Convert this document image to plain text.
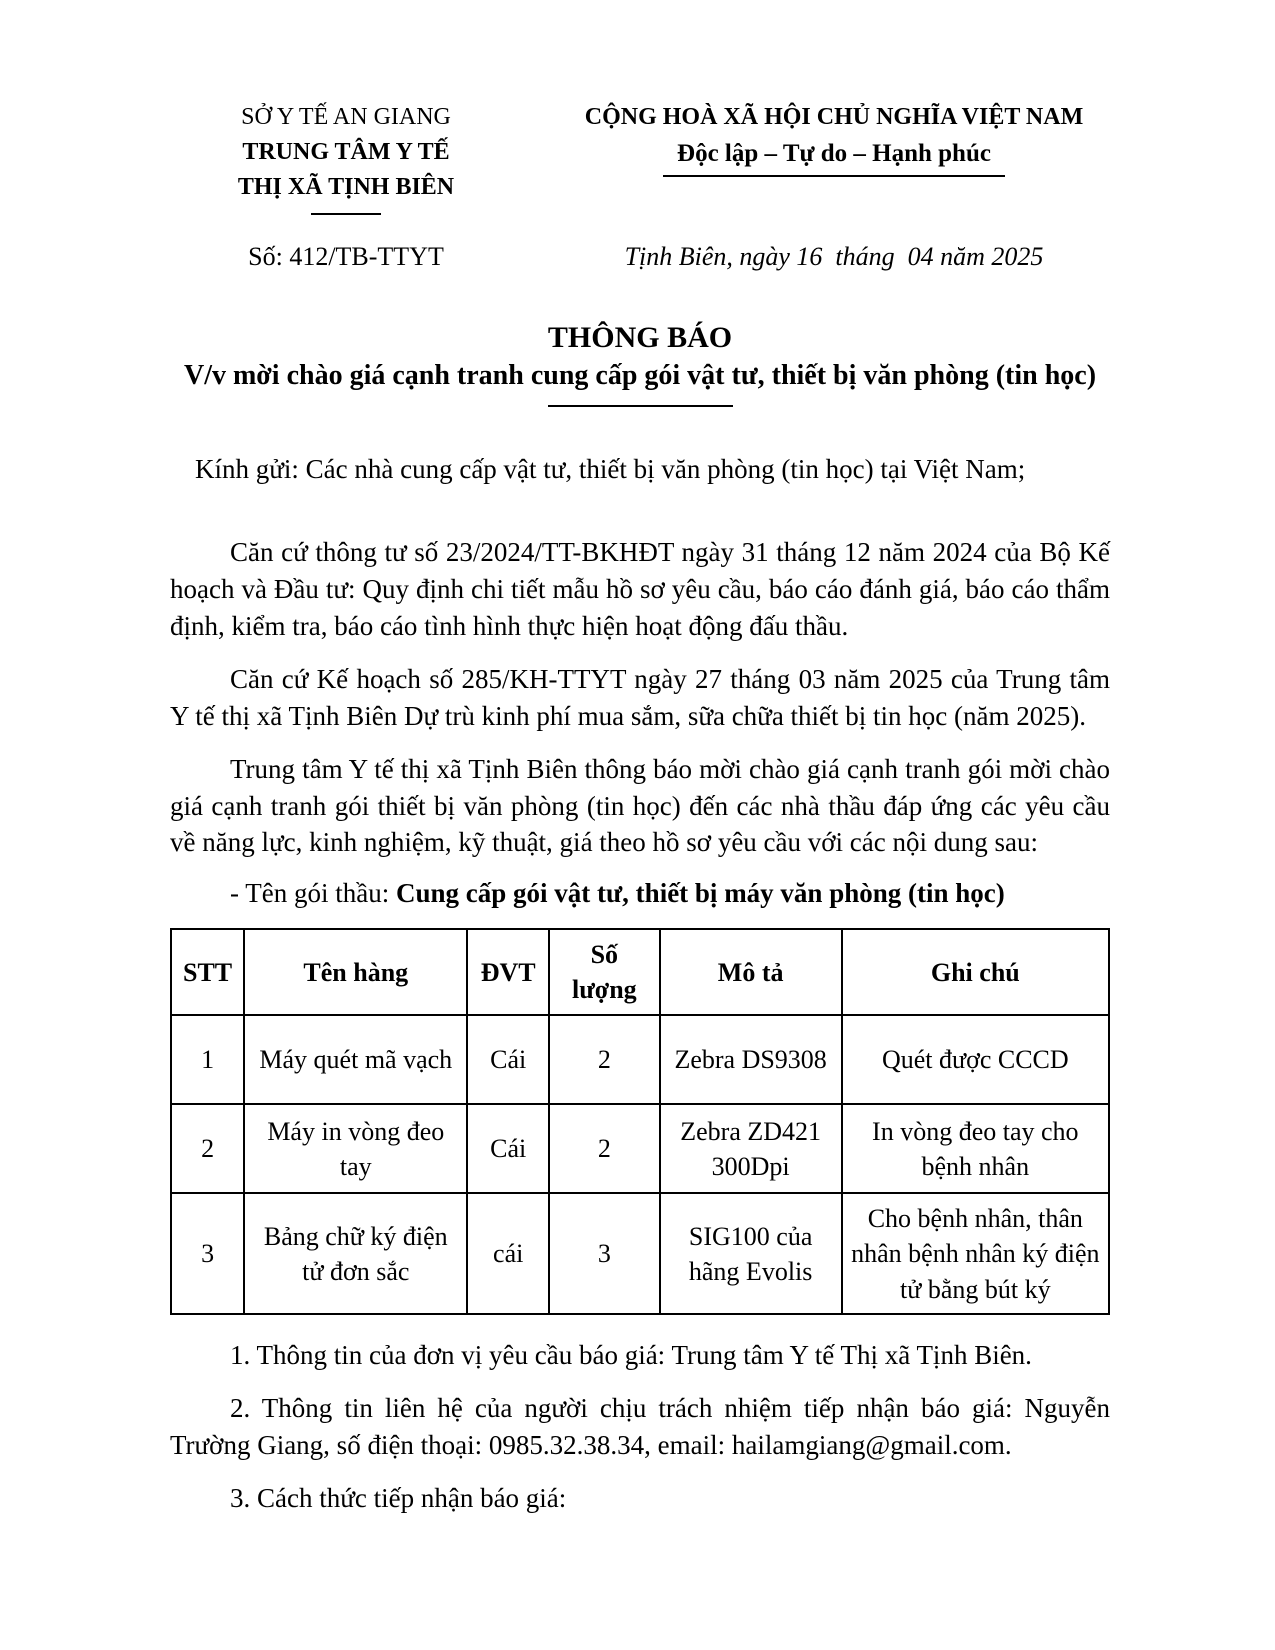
SỞ Y TẾ AN GIANG
TRUNG TÂM Y TẾ
THỊ XÃ TỊNH BIÊN
CỘNG HOÀ XÃ HỘI CHỦ NGHĨA VIỆT NAM
Độc lập – Tự do – Hạnh phúc
Số: 412/TB-TTYT	Tịnh Biên, ngày 16  tháng  04 năm 2025
THÔNG BÁO
V/v mời chào giá cạnh tranh cung cấp gói vật tư, thiết bị văn phòng (tin học)
Kính gửi: Các nhà cung cấp vật tư, thiết bị văn phòng (tin học) tại Việt Nam;
Căn cứ thông tư số 23/2024/TT-BKHĐT ngày 31 tháng 12 năm 2024 của Bộ Kế hoạch và Đầu tư: Quy định chi tiết mẫu hồ sơ yêu cầu, báo cáo đánh giá, báo cáo thẩm định, kiểm tra, báo cáo tình hình thực hiện hoạt động đấu thầu.
Căn cứ Kế hoạch số 285/KH-TTYT ngày 27 tháng 03 năm 2025 của Trung tâm Y tế thị xã Tịnh Biên Dự trù kinh phí mua sắm, sữa chữa thiết bị tin học (năm 2025).
Trung tâm Y tế thị xã Tịnh Biên thông báo mời chào giá cạnh tranh gói mời chào giá cạnh tranh gói thiết bị văn phòng (tin học) đến các nhà thầu đáp ứng các yêu cầu về năng lực, kinh nghiệm, kỹ thuật, giá theo hồ sơ yêu cầu với các nội dung sau:
- Tên gói thầu: Cung cấp gói vật tư, thiết bị máy văn phòng (tin học)
STT	Tên hàng	ĐVT	Số lượng	Mô tả	Ghi chú
1	Máy quét mã vạch	Cái	2	Zebra DS9308	Quét được CCCD
2	Máy in vòng đeo tay	Cái	2	Zebra ZD421 300Dpi	In vòng đeo tay cho bệnh nhân
3	Bảng chữ ký điện tử đơn sắc	cái	3	SIG100 của hãng Evolis	Cho bệnh nhân, thân nhân bệnh nhân ký điện tử bằng bút ký
1. Thông tin của đơn vị yêu cầu báo giá: Trung tâm Y tế Thị xã Tịnh Biên.
2. Thông tin liên hệ của người chịu trách nhiệm tiếp nhận báo giá: Nguyễn Trường Giang, số điện thoại: 0985.32.38.34, email: hailamgiang@gmail.com.
3. Cách thức tiếp nhận báo giá:
